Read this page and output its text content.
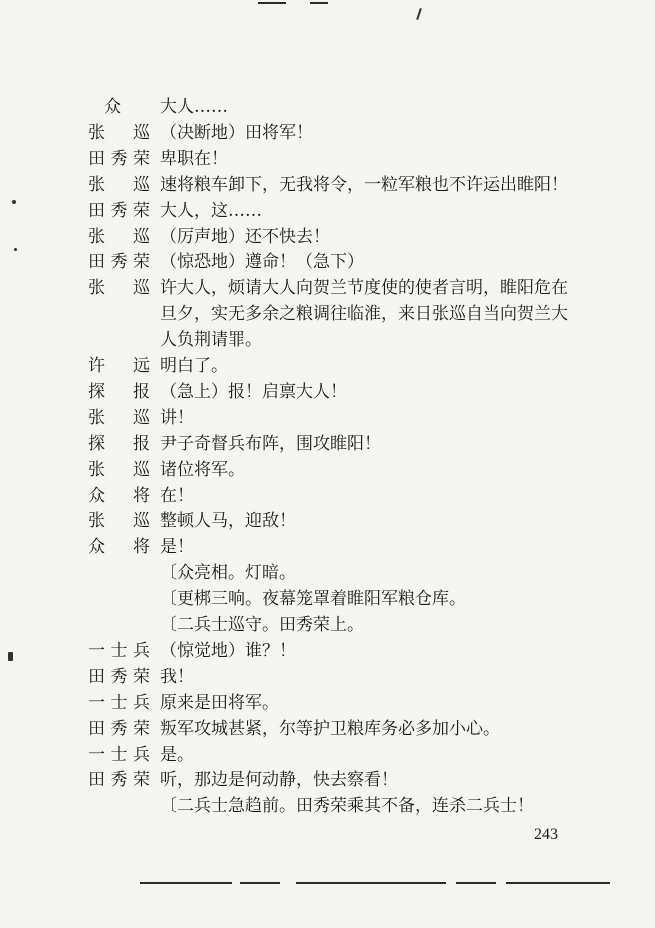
众	大人……
张　巡 （决断地）田将军！
田秀荣 卑职在！
张　巡 速将粮车卸下，无我将令，一粒军粮也不许运出睢阳！
田秀荣 大人，这……
张　巡 （厉声地）还不快去！
田秀荣 （惊恐地）遵命！（急下）
张　巡 许大人，烦请大人向贺兰节度使的使者言明，睢阳危在
旦夕，实无多余之粮调往临淮，来日张巡自当向贺兰大
人负荆请罪。
许　远 明白了。
探　报 （急上）报！启禀大人！
张　巡 讲！
探　报 尹子奇督兵布阵，围攻睢阳！
张　巡 诸位将军。
众　将 在！
张　巡 整顿人马，迎敌！
众　将 是！
〔众亮相。灯暗。
〔更梆三响。夜幕笼罩着睢阳军粮仓库。
〔二兵士巡守。田秀荣上。
一士兵 （惊觉地）谁？！
田秀荣 我！
一士兵 原来是田将军。
田秀荣 叛军攻城甚紧，尔等护卫粮库务必多加小心。
一士兵 是。
田秀荣 听，那边是何动静，快去察看！
〔二兵士急趋前。田秀荣乘其不备，连杀二兵士！
243
